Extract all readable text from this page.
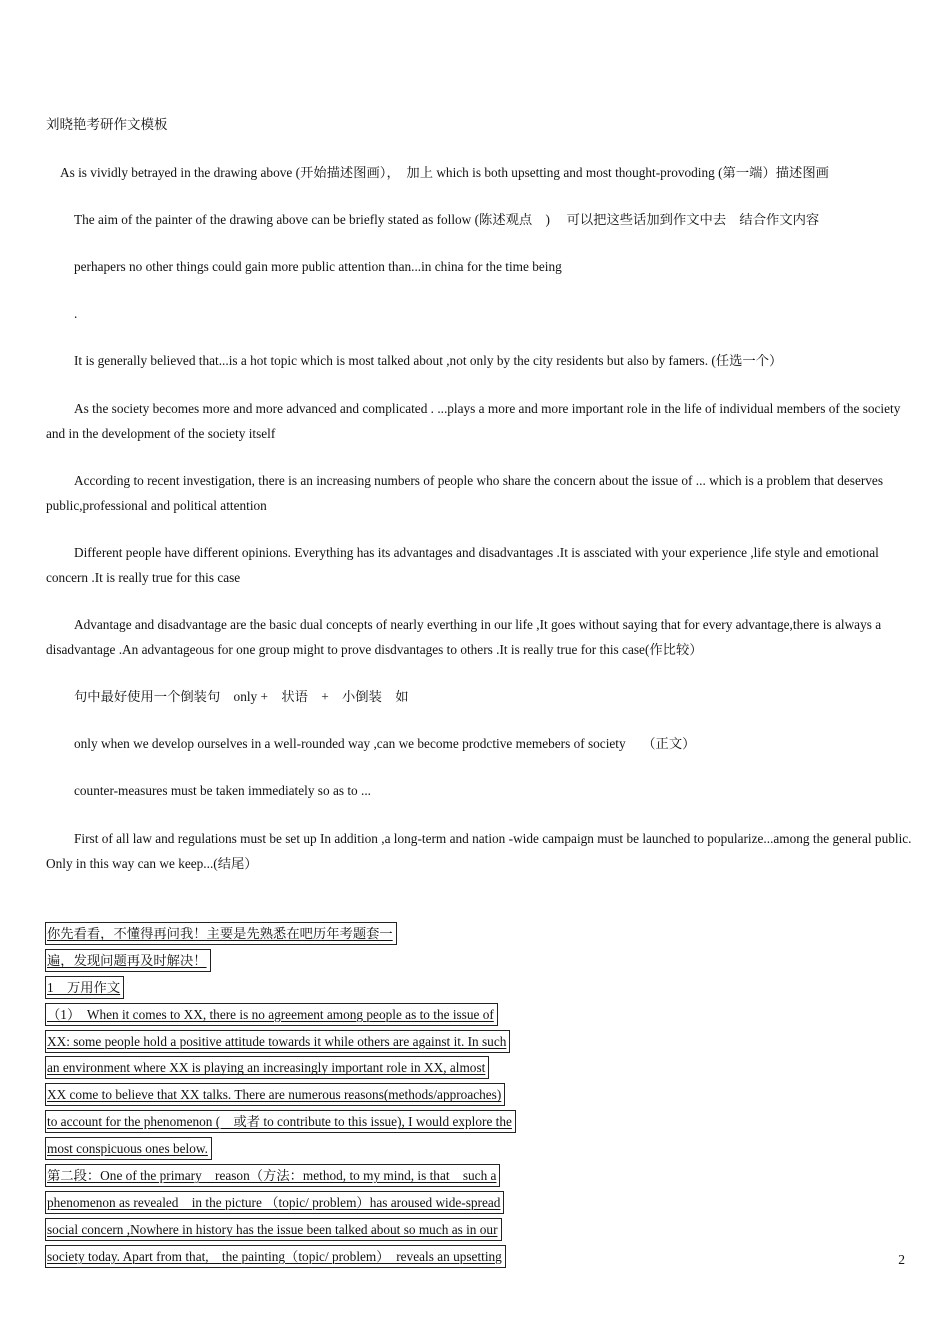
刘晓艳考研作文模板

As is vividly betrayed in the drawing above (开始描述图画），　加上 which is both upsetting and most thought-provoding (第一端）描述图画

The aim of the painter of the drawing above can be briefly stated as follow (陈述观点　)　 可以把这些话加到作文中去　结合作文内容

perhapers no other things could gain more public attention than...in china for the time being

.

It is generally believed that...is a hot topic which is most talked about ,not only by the city residents but also by famers. (任选一个）

As the society becomes more and more advanced and complicated . ...plays a more and more important role in the life of individual members of the society and in the development of the society itself

According to recent investigation, there is an increasing numbers of people who share the concern about the issue of ... which is a problem that deserves public,professional and political attention

Different people have different opinions. Everything has its advantages and disadvantages .It is assciated with your experience ,life style and emotional concern .It is really true for this case

Advantage and disadvantage are the basic dual concepts of nearly everthing in our life ,It goes without saying that for every advantage,there is always a disadvantage .An advantageous for one group might to prove disdvantages to others .It is really true for this case(作比较）

句中最好使用一个倒装句　only +　状语　+　小倒装　如

only when we develop ourselves in a well-rounded way ,can we become prodctive memebers of society　 （正文）

counter-measures must be taken immediately so as to ...

First of all law and regulations must be set up In addition ,a long-term and nation -wide campaign must be launched to popularize...among the general public. Only in this way can we keep...(结尾）

你先看看，不懂得再问我！主要是先熟悉在吧历年考题套一
遍，发现问题再及时解决！
1　万用作文
（1）　When it comes to XX, there is no agreement among people as to the issue of
XX: some people hold a positive attitude towards it while others are against it. In such
an environment where XX is playing an increasingly important role in XX, almost
XX come to believe that XX talks. There are numerous reasons(methods/approaches)
to account for the phenomenon (　或者 to contribute to this issue), I would explore the
most conspicuous ones below.
第二段：One of the primary　reason（方法：method, to my mind, is that　such a
phenomenon as revealed　in the picture （topic/ problem）has aroused wide-spread
social concern ,Nowhere in history has the issue been talked about so much as in our
society today. Apart from that,　the painting（topic/ problem）　reveals an upsetting	2
